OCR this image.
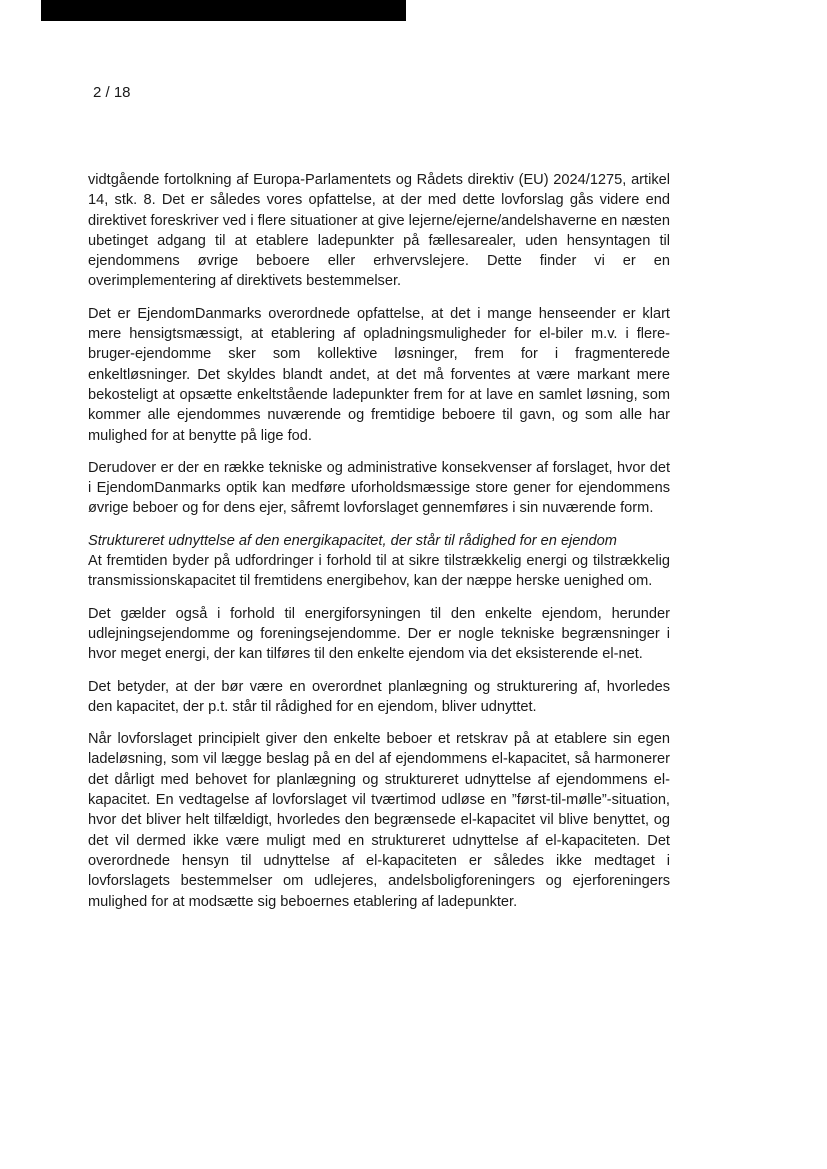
2 / 18

vidtgående fortolkning af Europa-Parlamentets og Rådets direktiv (EU) 2024/1275, artikel 14, stk. 8. Det er således vores opfattelse, at der med dette lovforslag gås videre end direktivet foreskriver ved i flere situationer at give lejerne/ejerne/andelshaverne en næsten ubetinget adgang til at etablere ladepunkter på fællesarealer, uden hensyntagen til ejendommens øvrige beboere eller erhvervslejere. Dette finder vi er en overimplementering af direktivets bestemmelser.

Det er EjendomDanmarks overordnede opfattelse, at det i mange henseender er klart mere hensigtsmæssigt, at etablering af opladningsmuligheder for el-biler m.v. i flere-bruger-ejendomme sker som kollektive løsninger, frem for i fragmenterede enkeltløsninger. Det skyldes blandt andet, at det må forventes at være markant mere bekosteligt at opsætte enkeltstående ladepunkter frem for at lave en samlet løsning, som kommer alle ejendommes nuværende og fremtidige beboere til gavn, og som alle har mulighed for at benytte på lige fod.

Derudover er der en række tekniske og administrative konsekvenser af forslaget, hvor det i EjendomDanmarks optik kan medføre uforholdsmæssige store gener for ejendommens øvrige beboer og for dens ejer, såfremt lovforslaget gennemføres i sin nuværende form.

Struktureret udnyttelse af den energikapacitet, der står til rådighed for en ejendom

At fremtiden byder på udfordringer i forhold til at sikre tilstrækkelig energi og tilstrækkelig transmissionskapacitet til fremtidens energibehov, kan der næppe herske uenighed om.

Det gælder også i forhold til energiforsyningen til den enkelte ejendom, herunder udlejningsejendomme og foreningsejendomme. Der er nogle tekniske begrænsninger i hvor meget energi, der kan tilføres til den enkelte ejendom via det eksisterende el-net.

Det betyder, at der bør være en overordnet planlægning og strukturering af, hvorledes den kapacitet, der p.t. står til rådighed for en ejendom, bliver udnyttet.

Når lovforslaget principielt giver den enkelte beboer et retskrav på at etablere sin egen ladeløsning, som vil lægge beslag på en del af ejendommens el-kapacitet, så harmonerer det dårligt med behovet for planlægning og struktureret udnyttelse af ejendommens el-kapacitet. En vedtagelse af lovforslaget vil tværtimod udløse en ”først-til-mølle”-situation, hvor det bliver helt tilfældigt, hvorledes den begrænsede el-kapacitet vil blive benyttet, og det vil dermed ikke være muligt med en struktureret udnyttelse af el-kapaciteten. Det overordnede hensyn til udnyttelse af el-kapaciteten er således ikke medtaget i lovforslagets bestemmelser om udlejeres, andelsboligforeningers og ejerforeningers mulighed for at modsætte sig beboernes etablering af ladepunkter.
